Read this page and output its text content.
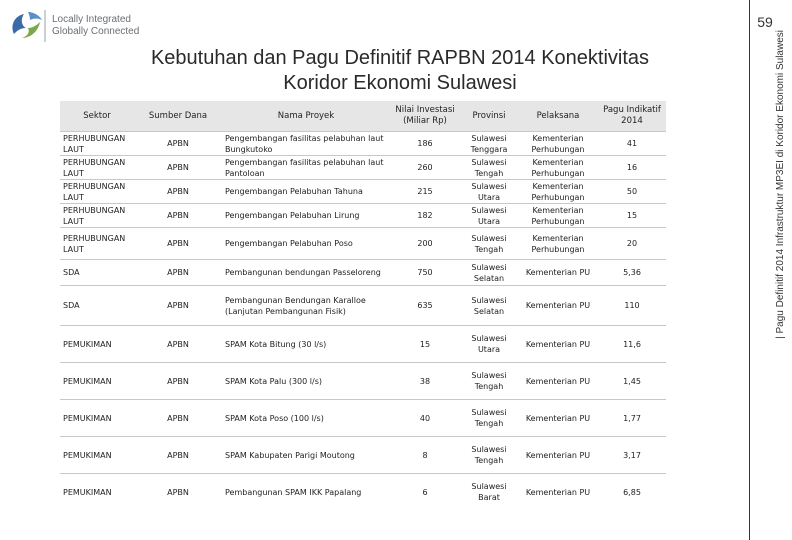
Locally Integrated
Globally Connected
59
| Pagu Definitif 2014 Infrastruktur MP3EI di Koridor Ekonomi Sulawesi
Kebutuhan dan Pagu Definitif RAPBN 2014 Konektivitas
Koridor Ekonomi Sulawesi
Sektor	Sumber Dana	Nama Proyek	Nilai Investasi (Miliar Rp)	Provinsi	Pelaksana	Pagu Indikatif 2014
PERHUBUNGAN LAUT	APBN	Pengembangan fasilitas pelabuhan laut Bungkutoko	186	Sulawesi Tenggara	Kementerian Perhubungan	41
PERHUBUNGAN LAUT	APBN	Pengembangan fasilitas pelabuhan laut Pantoloan	260	Sulawesi Tengah	Kementerian Perhubungan	16
PERHUBUNGAN LAUT	APBN	Pengembangan Pelabuhan Tahuna	215	Sulawesi Utara	Kementerian Perhubungan	50
PERHUBUNGAN LAUT	APBN	Pengembangan Pelabuhan Lirung	182	Sulawesi Utara	Kementerian Perhubungan	15
PERHUBUNGAN LAUT	APBN	Pengembangan Pelabuhan Poso	200	Sulawesi Tengah	Kementerian Perhubungan	20
SDA	APBN	Pembangunan bendungan Passeloreng	750	Sulawesi Selatan	Kementerian PU	5,36
SDA	APBN	Pembangunan Bendungan Karalloe (Lanjutan Pembangunan Fisik)	635	Sulawesi Selatan	Kementerian PU	110
PEMUKIMAN	APBN	SPAM Kota Bitung (30 l/s)	15	Sulawesi Utara	Kementerian PU	11,6
PEMUKIMAN	APBN	SPAM Kota Palu (300 l/s)	38	Sulawesi Tengah	Kementerian PU	1,45
PEMUKIMAN	APBN	SPAM Kota Poso (100 l/s)	40	Sulawesi Tengah	Kementerian PU	1,77
PEMUKIMAN	APBN	SPAM Kabupaten Parigi Moutong	8	Sulawesi Tengah	Kementerian PU	3,17
PEMUKIMAN	APBN	Pembangunan SPAM IKK Papalang	6	Sulawesi Barat	Kementerian PU	6,85
